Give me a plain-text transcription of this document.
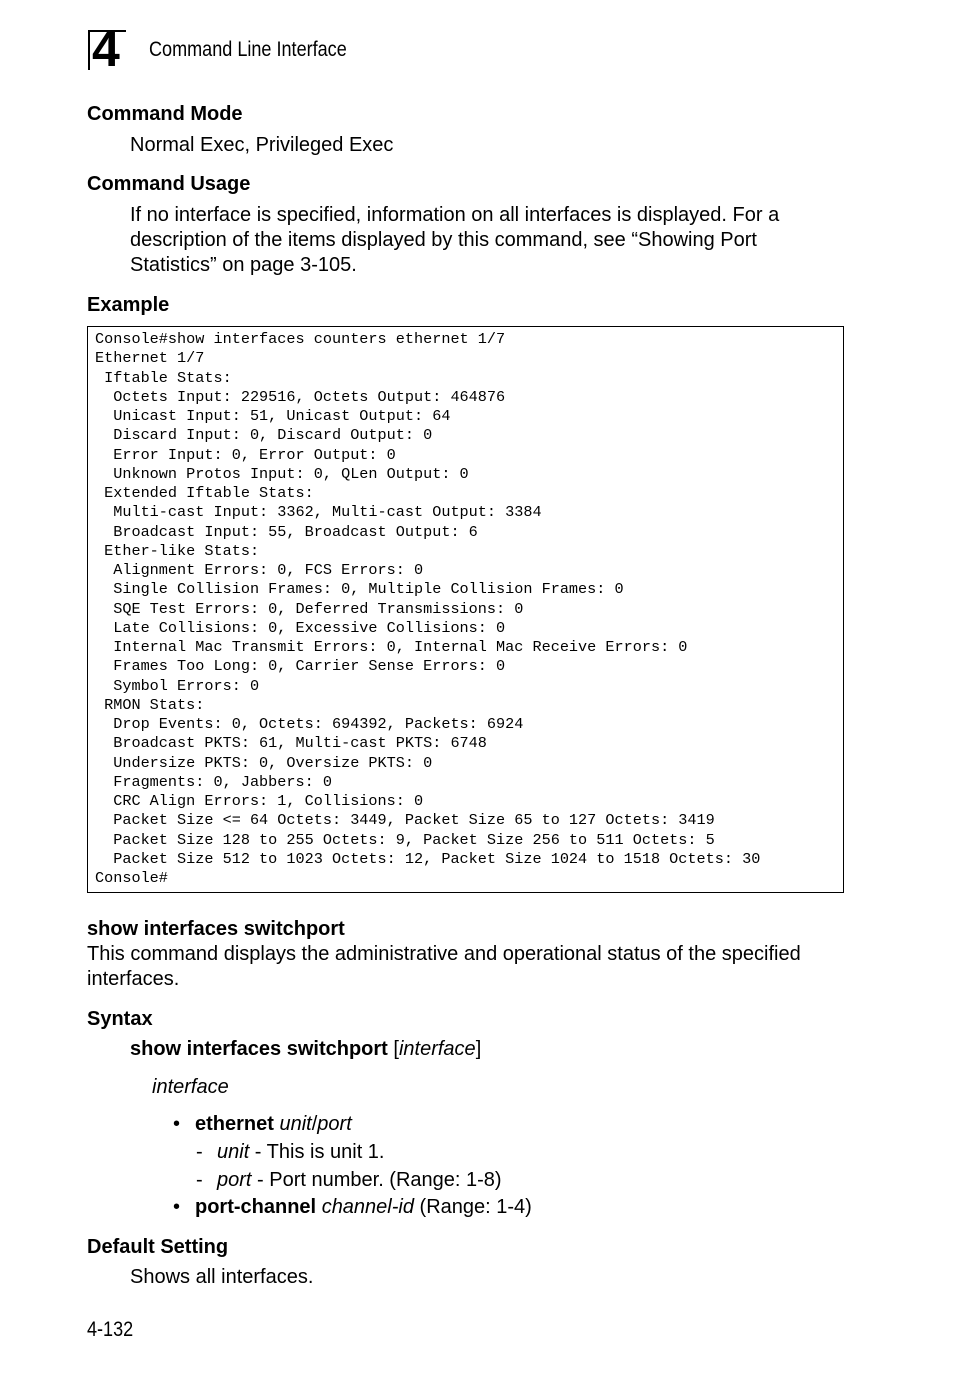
4 Command Line Interface
Command Mode
Normal Exec, Privileged Exec
Command Usage
If no interface is specified, information on all interfaces is displayed. For a
description of the items displayed by this command, see “Showing Port
Statistics” on page 3-105.
Example
Console#show interfaces counters ethernet 1/7
Ethernet 1/7
Iftable Stats:
Octets Input: 229516, Octets Output: 464876
Unicast Input: 51, Unicast Output: 64
Discard Input: 0, Discard Output: 0
Error Input: 0, Error Output: 0
Unknown Protos Input: 0, QLen Output: 0
Extended Iftable Stats:
Multi-cast Input: 3362, Multi-cast Output: 3384
Broadcast Input: 55, Broadcast Output: 6
Ether-like Stats:
Alignment Errors: 0, FCS Errors: 0
Single Collision Frames: 0, Multiple Collision Frames: 0
SQE Test Errors: 0, Deferred Transmissions: 0
Late Collisions: 0, Excessive Collisions: 0
Internal Mac Transmit Errors: 0, Internal Mac Receive Errors: 0
Frames Too Long: 0, Carrier Sense Errors: 0
Symbol Errors: 0
RMON Stats:
Drop Events: 0, Octets: 694392, Packets: 6924
Broadcast PKTS: 61, Multi-cast PKTS: 6748
Undersize PKTS: 0, Oversize PKTS: 0
Fragments: 0, Jabbers: 0
CRC Align Errors: 1, Collisions: 0
Packet Size <= 64 Octets: 3449, Packet Size 65 to 127 Octets: 3419
Packet Size 128 to 255 Octets: 9, Packet Size 256 to 511 Octets: 5
Packet Size 512 to 1023 Octets: 12, Packet Size 1024 to 1518 Octets: 30
Console#
show interfaces switchport
This command displays the administrative and operational status of the specified
interfaces.
Syntax
show interfaces switchport [interface]
interface
• ethernet unit/port
- unit - This is unit 1.
- port - Port number. (Range: 1-8)
• port-channel channel-id (Range: 1-4)
Default Setting
Shows all interfaces.
4-132
